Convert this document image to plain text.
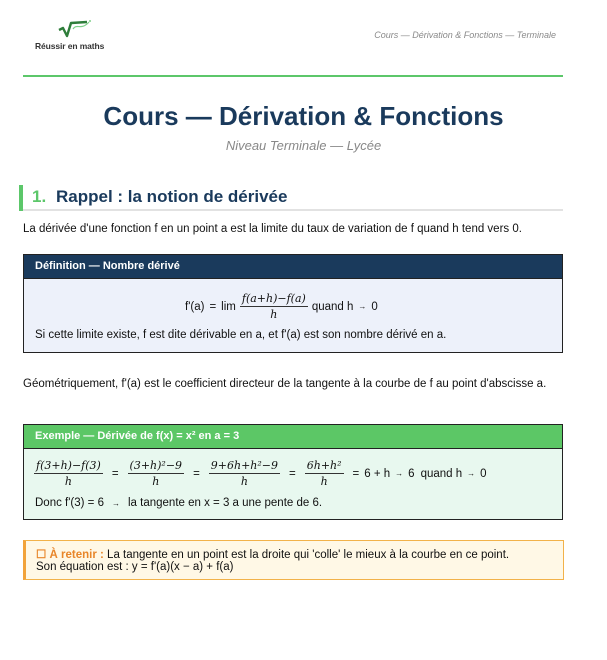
Réussir en maths
Cours — Dérivation & Fonctions — Terminale
Cours — Dérivation & Fonctions
Niveau Terminale — Lycée
1. Rappel : la notion de dérivée
La dérivée d'une fonction f en un point a est la limite du taux de variation de f quand h tend vers 0.
Définition — Nombre dérivé
$f'(a) = \lim \frac{f(a+h)-f(a)}{h}$ quand h → 0
Si cette limite existe, f est dite dérivable en a, et f'(a) est son nombre dérivé en a.
Géométriquement, f'(a) est le coefficient directeur de la tangente à la courbe de f au point d'abscisse a.
Exemple — Dérivée de f(x) = x² en a = 3
$\frac{f(3+h)-f(3)}{h} = \frac{\text{(3+h)²−9}}{h} = \frac{\text{9+6h+h²−9}}{h} = \frac{\text{6h+h²}}{h} = 6 + h \to 6$ quand h → 0
Donc f'(3) = 6 → la tangente en x = 3 a une pente de 6.
☐ À retenir : La tangente en un point est la droite qui 'colle' le mieux à la courbe en ce point.
Son équation est : y = f'(a)(x − a) + f(a)
